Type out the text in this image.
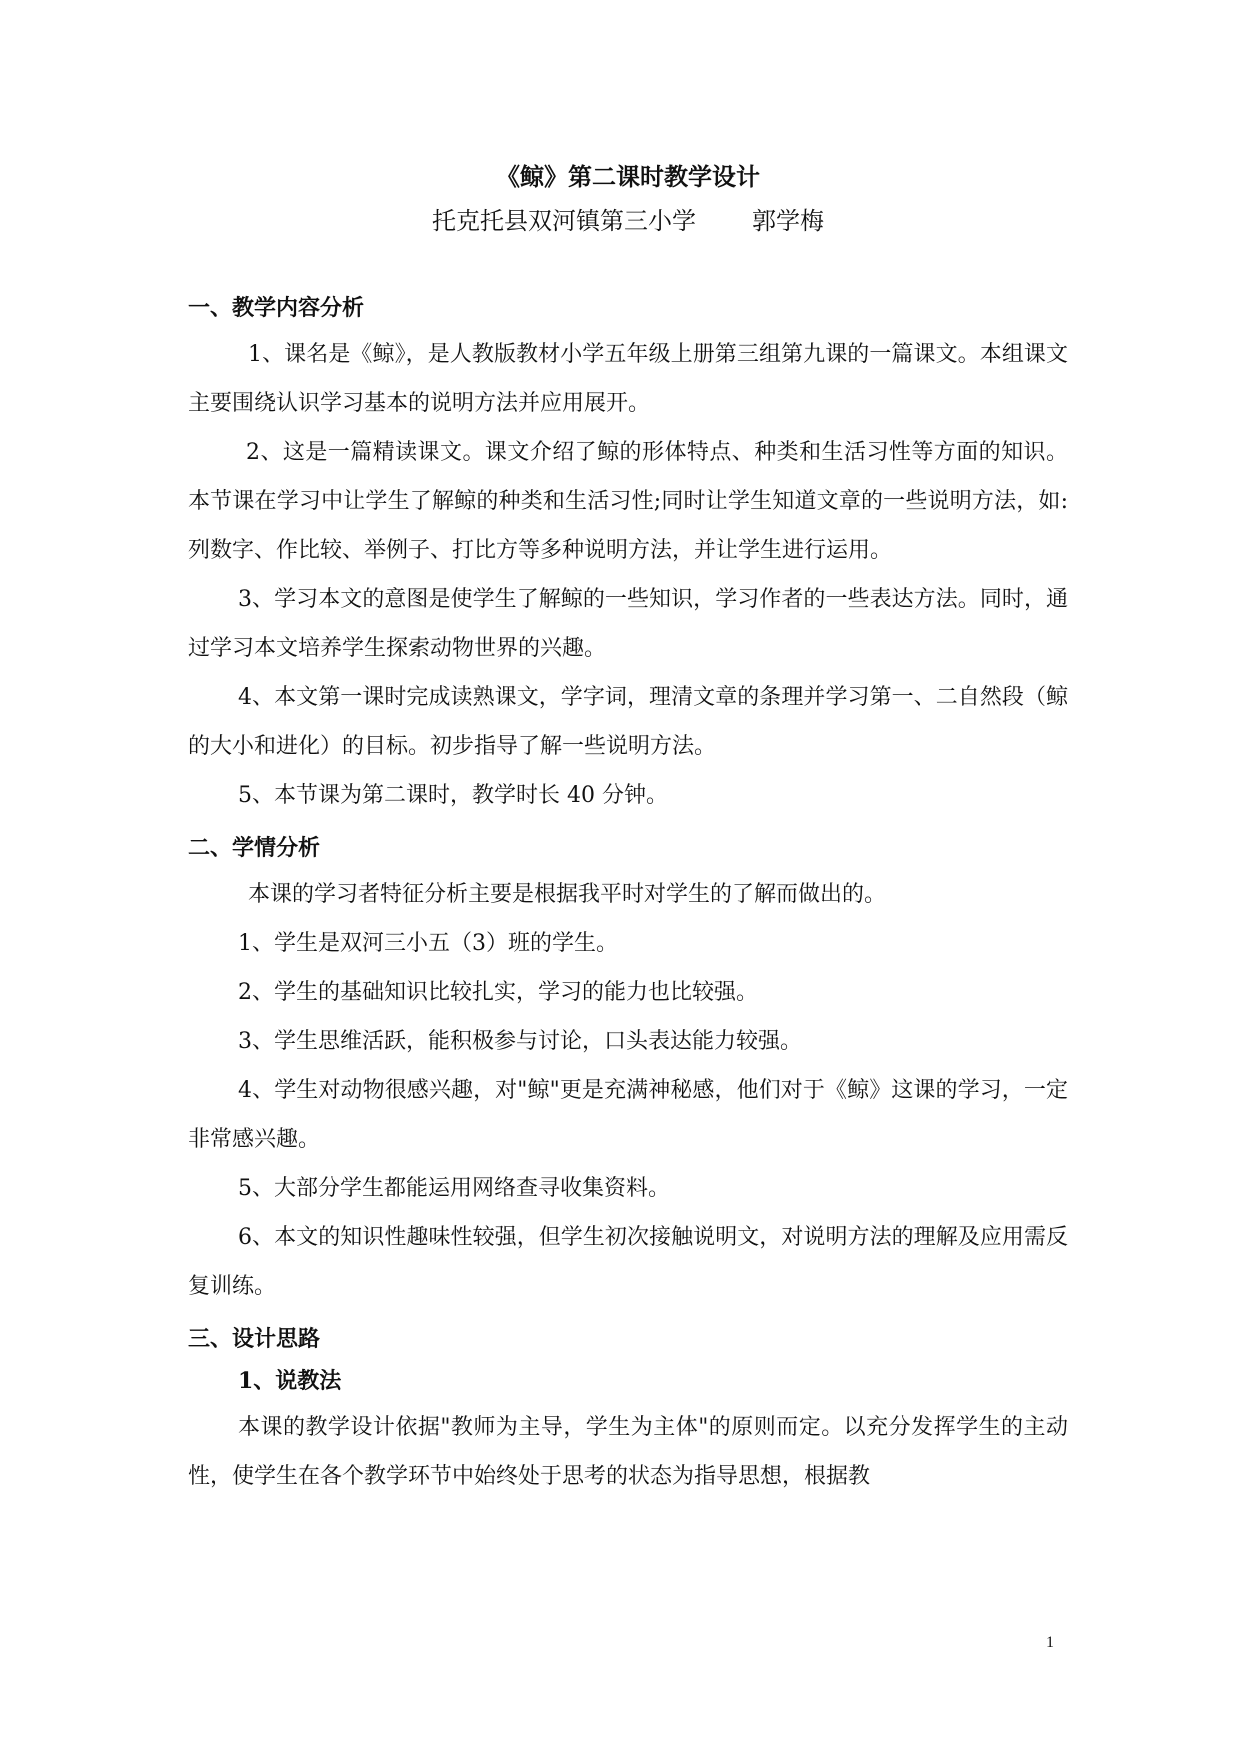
《鲸》第二课时教学设计
托克托县双河镇第三小学 郭学梅
一、教学内容分析

1、课名是《鲸》，是人教版教材小学五年级上册第三组第九课的一篇课文。本组课文主要围绕认识学习基本的说明方法并应用展开。

2、这是一篇精读课文。课文介绍了鲸的形体特点、种类和生活习性等方面的知识。本节课在学习中让学生了解鲸的种类和生活习性;同时让学生知道文章的一些说明方法，如:列数字、作比较、举例子、打比方等多种说明方法，并让学生进行运用。

3、学习本文的意图是使学生了解鲸的一些知识，学习作者的一些表达方法。同时，通过学习本文培养学生探索动物世界的兴趣。

4、本文第一课时完成读熟课文，学字词，理清文章的条理并学习第一、二自然段（鲸的大小和进化）的目标。初步指导了解一些说明方法。

5、本节课为第二课时，教学时长 40 分钟。

二、学情分析

本课的学习者特征分析主要是根据我平时对学生的了解而做出的。

1、学生是双河三小五（3）班的学生。

2、学生的基础知识比较扎实，学习的能力也比较强。

3、学生思维活跃，能积极参与讨论，口头表达能力较强。

4、学生对动物很感兴趣，对"鲸"更是充满神秘感，他们对于《鲸》这课的学习，一定非常感兴趣。

5、大部分学生都能运用网络查寻收集资料。

6、本文的知识性趣味性较强，但学生初次接触说明文，对说明方法的理解及应用需反复训练。

三、设计思路
1、说教法

本课的教学设计依据"教师为主导，学生为主体"的原则而定。以充分发挥学生的主动性，使学生在各个教学环节中始终处于思考的状态为指导思想，根据教

1
